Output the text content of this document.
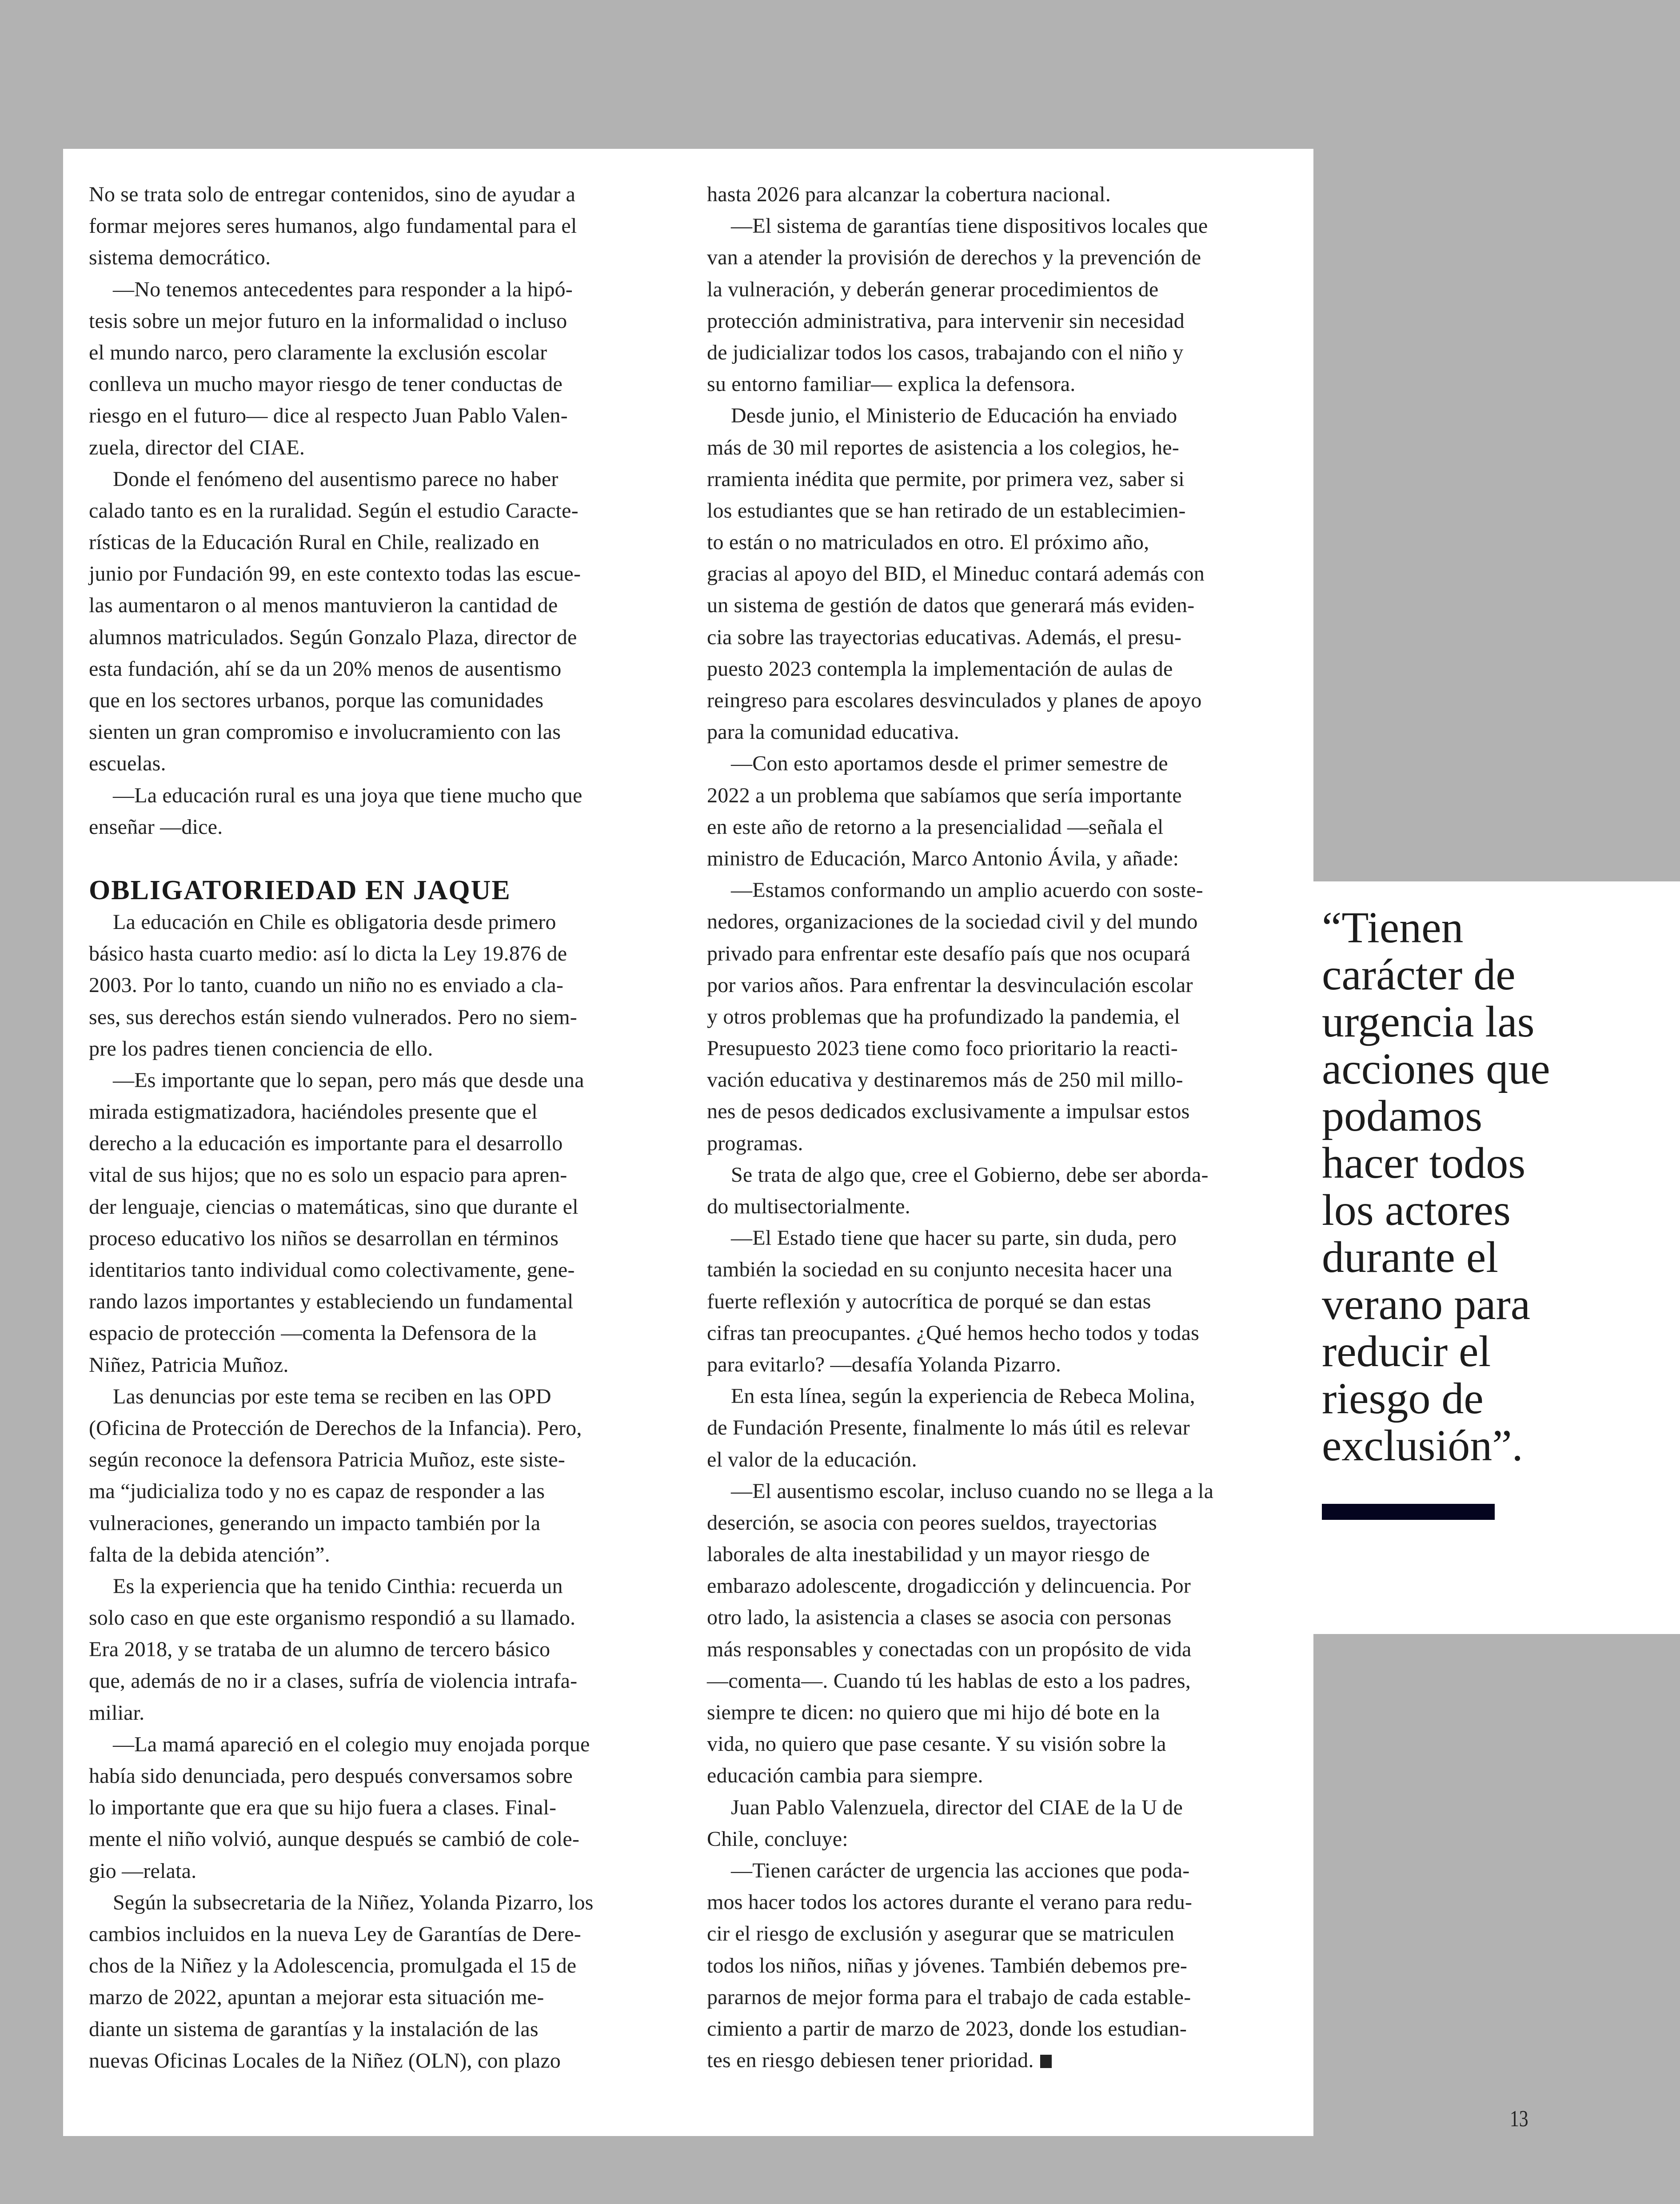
No se trata solo de entregar contenidos, sino de ayudar a
formar mejores seres humanos, algo fundamental para el
sistema democrático.
—No tenemos antecedentes para responder a la hipó-
tesis sobre un mejor futuro en la informalidad o incluso
el mundo narco, pero claramente la exclusión escolar
conlleva un mucho mayor riesgo de tener conductas de
riesgo en el futuro— dice al respecto Juan Pablo Valen-
zuela, director del CIAE.
Donde el fenómeno del ausentismo parece no haber
calado tanto es en la ruralidad. Según el estudio Caracte-
rísticas de la Educación Rural en Chile, realizado en
junio por Fundación 99, en este contexto todas las escue-
las aumentaron o al menos mantuvieron la cantidad de
alumnos matriculados. Según Gonzalo Plaza, director de
esta fundación, ahí se da un 20% menos de ausentismo
que en los sectores urbanos, porque las comunidades
sienten un gran compromiso e involucramiento con las
escuelas.
—La educación rural es una joya que tiene mucho que
enseñar —dice.
OBLIGATORIEDAD EN JAQUE
La educación en Chile es obligatoria desde primero
básico hasta cuarto medio: así lo dicta la Ley 19.876 de
2003. Por lo tanto, cuando un niño no es enviado a cla-
ses, sus derechos están siendo vulnerados. Pero no siem-
pre los padres tienen conciencia de ello.
—Es importante que lo sepan, pero más que desde una
mirada estigmatizadora, haciéndoles presente que el
derecho a la educación es importante para el desarrollo
vital de sus hijos; que no es solo un espacio para apren-
der lenguaje, ciencias o matemáticas, sino que durante el
proceso educativo los niños se desarrollan en términos
identitarios tanto individual como colectivamente, gene-
rando lazos importantes y estableciendo un fundamental
espacio de protección —comenta la Defensora de la
Niñez, Patricia Muñoz.
Las denuncias por este tema se reciben en las OPD
(Oficina de Protección de Derechos de la Infancia). Pero,
según reconoce la defensora Patricia Muñoz, este siste-
ma “judicializa todo y no es capaz de responder a las
vulneraciones, generando un impacto también por la
falta de la debida atención”.
Es la experiencia que ha tenido Cinthia: recuerda un
solo caso en que este organismo respondió a su llamado.
Era 2018, y se trataba de un alumno de tercero básico
que, además de no ir a clases, sufría de violencia intrafa-
miliar.
—La mamá apareció en el colegio muy enojada porque
había sido denunciada, pero después conversamos sobre
lo importante que era que su hijo fuera a clases. Final-
mente el niño volvió, aunque después se cambió de cole-
gio —relata.
Según la subsecretaria de la Niñez, Yolanda Pizarro, los
cambios incluidos en la nueva Ley de Garantías de Dere-
chos de la Niñez y la Adolescencia, promulgada el 15 de
marzo de 2022, apuntan a mejorar esta situación me-
diante un sistema de garantías y la instalación de las
nuevas Oficinas Locales de la Niñez (OLN), con plazo
hasta 2026 para alcanzar la cobertura nacional.
—El sistema de garantías tiene dispositivos locales que
van a atender la provisión de derechos y la prevención de
la vulneración, y deberán generar procedimientos de
protección administrativa, para intervenir sin necesidad
de judicializar todos los casos, trabajando con el niño y
su entorno familiar— explica la defensora.
Desde junio, el Ministerio de Educación ha enviado
más de 30 mil reportes de asistencia a los colegios, he-
rramienta inédita que permite, por primera vez, saber si
los estudiantes que se han retirado de un establecimien-
to están o no matriculados en otro. El próximo año,
gracias al apoyo del BID, el Mineduc contará además con
un sistema de gestión de datos que generará más eviden-
cia sobre las trayectorias educativas. Además, el presu-
puesto 2023 contempla la implementación de aulas de
reingreso para escolares desvinculados y planes de apoyo
para la comunidad educativa.
—Con esto aportamos desde el primer semestre de
2022 a un problema que sabíamos que sería importante
en este año de retorno a la presencialidad —señala el
ministro de Educación, Marco Antonio Ávila, y añade:
—Estamos conformando un amplio acuerdo con soste-
nedores, organizaciones de la sociedad civil y del mundo
privado para enfrentar este desafío país que nos ocupará
por varios años. Para enfrentar la desvinculación escolar
y otros problemas que ha profundizado la pandemia, el
Presupuesto 2023 tiene como foco prioritario la reacti-
vación educativa y destinaremos más de 250 mil millo-
nes de pesos dedicados exclusivamente a impulsar estos
programas.
Se trata de algo que, cree el Gobierno, debe ser aborda-
do multisectorialmente.
—El Estado tiene que hacer su parte, sin duda, pero
también la sociedad en su conjunto necesita hacer una
fuerte reflexión y autocrítica de porqué se dan estas
cifras tan preocupantes. ¿Qué hemos hecho todos y todas
para evitarlo? —desafía Yolanda Pizarro.
En esta línea, según la experiencia de Rebeca Molina,
de Fundación Presente, finalmente lo más útil es relevar
el valor de la educación.
—El ausentismo escolar, incluso cuando no se llega a la
deserción, se asocia con peores sueldos, trayectorias
laborales de alta inestabilidad y un mayor riesgo de
embarazo adolescente, drogadicción y delincuencia. Por
otro lado, la asistencia a clases se asocia con personas
más responsables y conectadas con un propósito de vida
—comenta—. Cuando tú les hablas de esto a los padres,
siempre te dicen: no quiero que mi hijo dé bote en la
vida, no quiero que pase cesante. Y su visión sobre la
educación cambia para siempre.
Juan Pablo Valenzuela, director del CIAE de la U de
Chile, concluye:
—Tienen carácter de urgencia las acciones que poda-
mos hacer todos los actores durante el verano para redu-
cir el riesgo de exclusión y asegurar que se matriculen
todos los niños, niñas y jóvenes. También debemos pre-
pararnos de mejor forma para el trabajo de cada estable-
cimiento a partir de marzo de 2023, donde los estudian-
tes en riesgo debiesen tener prioridad.
“Tienen
carácter de
urgencia las
acciones que
podamos
hacer todos
los actores
durante el
verano para
reducir el
riesgo de
exclusión”.
13
